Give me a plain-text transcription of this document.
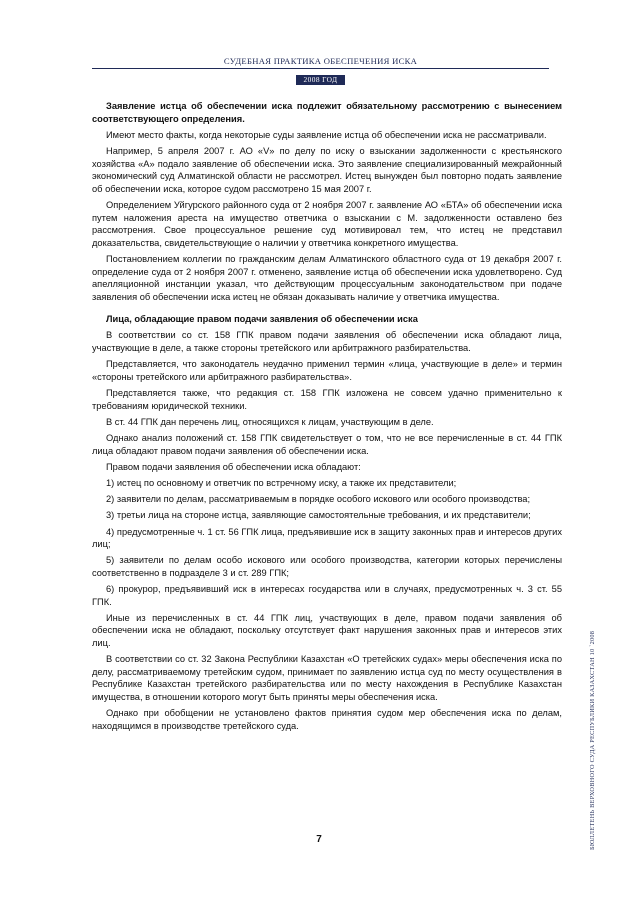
СУДЕБНАЯ ПРАКТИКА ОБЕСПЕЧЕНИЯ ИСКА
2008 ГОД

Заявление истца об обеспечении иска подлежит обязательному рассмотрению с вынесением соответствующего определения.

Имеют место факты, когда некоторые суды заявление истца об обеспечении иска не рассматривали.

Например, 5 апреля 2007 г. АО «V» по делу по иску о взыскании задолженности с крестьянского хозяйства «А» подало заявление об обеспечении иска. Это заявление специализированный межрайонный экономический суд Алматинской области не рассмотрел. Истец вынужден был повторно подать заявление об обеспечении иска, которое судом рассмотрено 15 мая 2007 г.

Определением Уйгурского районного суда от 2 ноября 2007 г. заявление АО «БТА» об обеспечении иска путем наложения ареста на имущество ответчика о взыскании с М. задолженности оставлено без рассмотрения. Свое процессуальное решение суд мотивировал тем, что истец не представил доказательства, свидетельствующие о наличии у ответчика конкретного имущества.

Постановлением коллегии по гражданским делам Алматинского областного суда от 19 декабря 2007 г. определение суда от 2 ноября 2007 г. отменено, заявление истца об обеспечении иска удовлетворено. Суд апелляционной инстанции указал, что действующим процессуальным законодательством при подаче заявления об обеспечении иска истец не обязан доказывать наличие у ответчика имущества.

Лица, обладающие правом подачи заявления об обеспечении иска

В соответствии со ст. 158 ГПК правом подачи заявления об обеспечении иска обладают лица, участвующие в деле, а также стороны третейского или арбитражного разбирательства.

Представляется, что законодатель неудачно применил термин «лица, участвующие в деле» и термин «стороны третейского или арбитражного разбирательства».

Представляется также, что редакция ст. 158 ГПК изложена не совсем удачно применительно к требованиям юридической техники.

В ст. 44 ГПК дан перечень лиц, относящихся к лицам, участвующим в деле.

Однако анализ положений ст. 158 ГПК свидетельствует о том, что не все перечисленные в ст. 44 ГПК лица обладают правом подачи заявления об обеспечении иска.

Правом подачи заявления об обеспечении иска обладают:

1) истец по основному и ответчик по встречному иску, а также их представители;

2) заявители по делам, рассматриваемым в порядке особого искового или особого производства;

3) третьи лица на стороне истца, заявляющие самостоятельные требования, и их представители;

4) предусмотренные ч. 1 ст. 56 ГПК лица, предъявившие иск в защиту законных прав и интересов других лиц;

5) заявители по делам особо искового или особого производства, категории которых перечислены соответственно в подразделе 3 и ст. 289 ГПК;

6) прокурор, предъявивший иск в интересах государства или в случаях, предусмотренных ч. 3 ст. 55 ГПК.

Иные из перечисленных в ст. 44 ГПК лиц, участвующих в деле, правом подачи заявления об обеспечении иска не обладают, поскольку отсутствует факт нарушения законных прав и интересов этих лиц.

В соответствии со ст. 32 Закона Республики Казахстан «О третейских судах» меры обеспечения иска по делу, рассматриваемому третейским судом, принимает по заявлению истца суд по месту осуществления в Республике Казахстан третейского разбирательства или по месту нахождения в Республике Казахстан имущества, в отношении которого могут быть приняты меры обеспечения иска.

Однако при обобщении не установлено фактов принятия судом мер обеспечения иска по делам, находящимся в производстве третейского суда.

7	БЮЛЛЕТЕНЬ ВЕРХОВНОГО СУДА РЕСПУБЛИКИ КАЗАХСТАН 10 `2008
